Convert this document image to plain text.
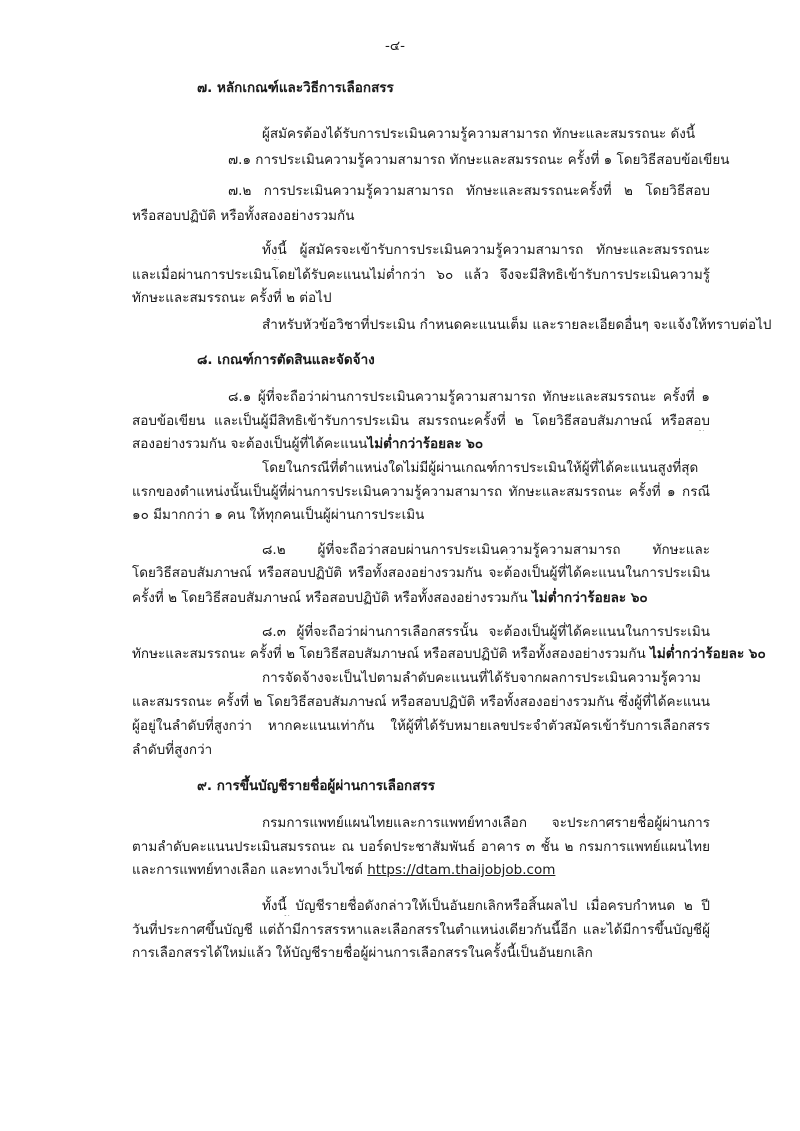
-๔-
๗. หลักเกณฑ์และวิธีการเลือกสรร
ผู้สมัครต้องได้รับการประเมินความรู้ความสามารถ ทักษะและสมรรถนะ ดังนี้
๗.๑ การประเมินความรู้ความสามารถ ทักษะและสมรรถนะ ครั้งที่ ๑ โดยวิธีสอบข้อเขียน
๗.๒ การประเมินความรู้ความสามารถ ทักษะและสมรรถนะครั้งที่ ๒ โดยวิธีสอบ
หรือสอบปฏิบัติ หรือทั้งสองอย่างรวมกัน
ทั้งนี้ ผู้สมัครจะเข้ารับการประเมินความรู้ความสามารถ ทักษะและสมรรถนะ
และเมื่อผ่านการประเมินโดยได้รับคะแนนไม่ต่ำกว่า ๖๐ แล้ว จึงจะมีสิทธิเข้ารับการประเมินความรู้
ทักษะและสมรรถนะ ครั้งที่ ๒ ต่อไป
สำหรับหัวข้อวิชาที่ประเมิน กำหนดคะแนนเต็ม และรายละเอียดอื่นๆ จะแจ้งให้ทราบต่อไป
๘. เกณฑ์การตัดสินและจัดจ้าง
๘.๑ ผู้ที่จะถือว่าผ่านการประเมินความรู้ความสามารถ ทักษะและสมรรถนะ ครั้งที่ ๑
สอบข้อเขียน และเป็นผู้มีสิทธิเข้ารับการประเมิน สมรรถนะครั้งที่ ๒ โดยวิธีสอบสัมภาษณ์ หรือสอบ
สองอย่างรวมกัน จะต้องเป็นผู้ที่ได้คะแนนไม่ต่ำกว่าร้อยละ ๖๐
โดยในกรณีที่ตำแหน่งใดไม่มีผู้ผ่านเกณฑ์การประเมินให้ผู้ที่ได้คะแนนสูงที่สุด
แรกของตำแหน่งนั้นเป็นผู้ที่ผ่านการประเมินความรู้ความสามารถ ทักษะและสมรรถนะ ครั้งที่ ๑ กรณี
๑๐ มีมากกว่า ๑ คน ให้ทุกคนเป็นผู้ผ่านการประเมิน
๘.๒ ผู้ที่จะถือว่าสอบผ่านการประเมินความรู้ความสามารถ ทักษะและ
โดยวิธีสอบสัมภาษณ์ หรือสอบปฏิบัติ หรือทั้งสองอย่างรวมกัน จะต้องเป็นผู้ที่ได้คะแนนในการประเมิน
ครั้งที่ ๒ โดยวิธีสอบสัมภาษณ์ หรือสอบปฏิบัติ หรือทั้งสองอย่างรวมกัน ไม่ต่ำกว่าร้อยละ ๖๐
๘.๓ ผู้ที่จะถือว่าผ่านการเลือกสรรนั้น จะต้องเป็นผู้ที่ได้คะแนนในการประเมิน
ทักษะและสมรรถนะ ครั้งที่ ๒ โดยวิธีสอบสัมภาษณ์ หรือสอบปฏิบัติ หรือทั้งสองอย่างรวมกัน ไม่ต่ำกว่าร้อยละ ๖๐
การจัดจ้างจะเป็นไปตามลำดับคะแนนที่ได้รับจากผลการประเมินความรู้ความ
และสมรรถนะ ครั้งที่ ๒ โดยวิธีสอบสัมภาษณ์ หรือสอบปฏิบัติ หรือทั้งสองอย่างรวมกัน ซึ่งผู้ที่ได้คะแนน
ผู้อยู่ในลำดับที่สูงกว่า หากคะแนนเท่ากัน ให้ผู้ที่ได้รับหมายเลขประจำตัวสมัครเข้ารับการเลือกสรร
ลำดับที่สูงกว่า
๙. การขึ้นบัญชีรายชื่อผู้ผ่านการเลือกสรร
กรมการแพทย์แผนไทยและการแพทย์ทางเลือก จะประกาศรายชื่อผู้ผ่านการ
ตามลำดับคะแนนประเมินสมรรถนะ ณ บอร์ดประชาสัมพันธ์ อาคาร ๓ ชั้น ๒ กรมการแพทย์แผนไทย
และการแพทย์ทางเลือก และทางเว็บไซต์ https://dtam.thaijobjob.com
ทั้งนี้ บัญชีรายชื่อดังกล่าวให้เป็นอันยกเลิกหรือสิ้นผลไป เมื่อครบกำหนด ๒ ปี
วันที่ประกาศขึ้นบัญชี แต่ถ้ามีการสรรหาและเลือกสรรในตำแหน่งเดียวกันนี้อีก และได้มีการขึ้นบัญชีผู้
การเลือกสรรได้ใหม่แล้ว ให้บัญชีรายชื่อผู้ผ่านการเลือกสรรในครั้งนี้เป็นอันยกเลิก
